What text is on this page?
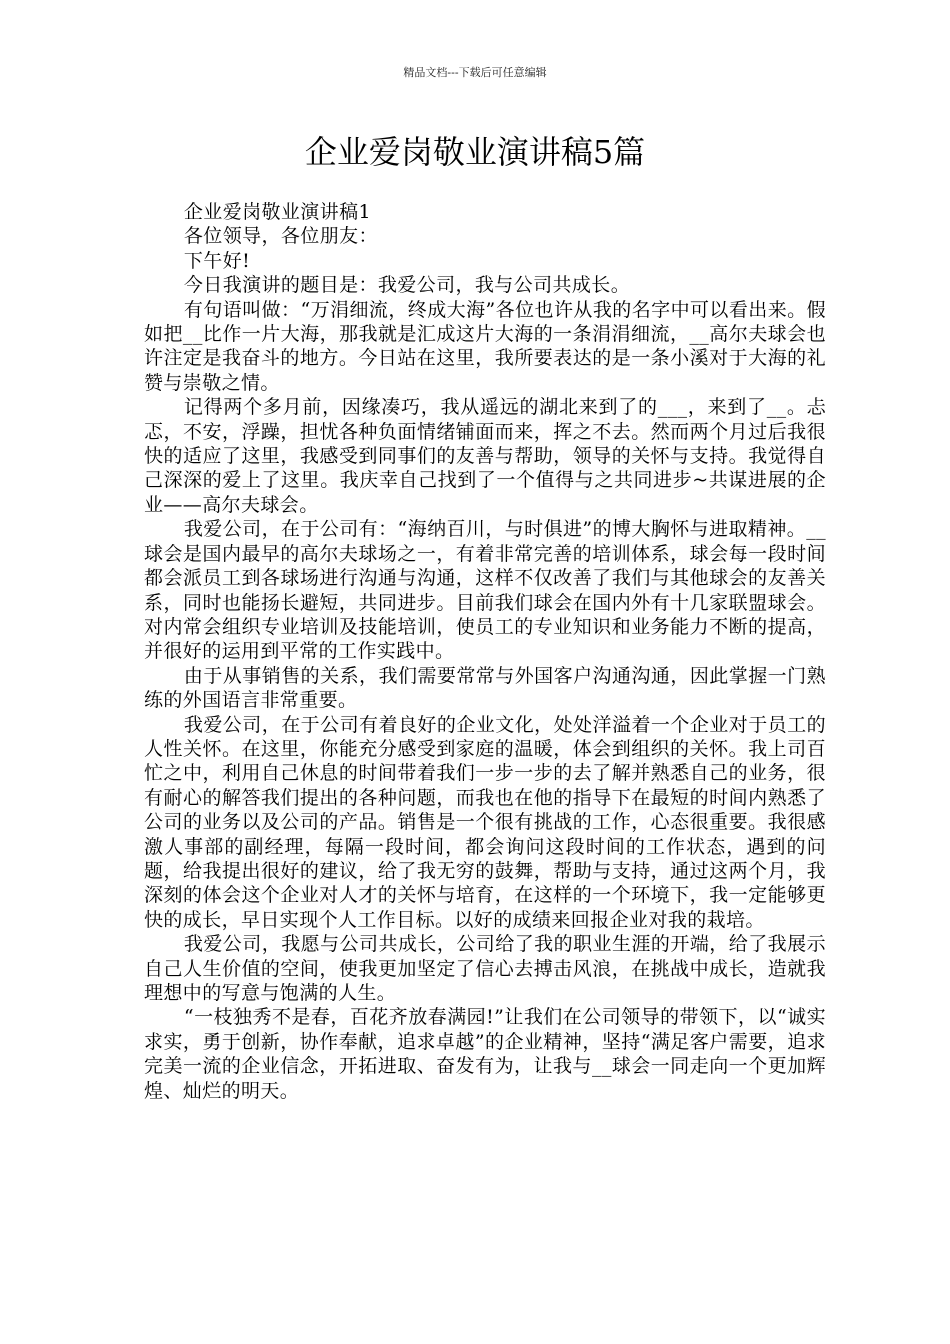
精品文档---下载后可任意编辑
企业爱岗敬业演讲稿5篇

企业爱岗敬业演讲稿1

各位领导，各位朋友：

下午好!

今日我演讲的题目是：我爱公司，我与公司共成长。

有句语叫做：“万涓细流，终成大海”各位也许从我的名字中可以看出来。假如把__比作一片大海，那我就是汇成这片大海的一条涓涓细流，__高尔夫球会也许注定是我奋斗的地方。今日站在这里，我所要表达的是一条小溪对于大海的礼赞与崇敬之情。

记得两个多月前，因缘凑巧，我从遥远的湖北来到了的___，来到了__。忐忑，不安，浮躁，担忧各种负面情绪铺面而来，挥之不去。然而两个月过后我很快的适应了这里，我感受到同事们的友善与帮助，领导的关怀与支持。我觉得自己深深的爱上了这里。我庆幸自己找到了一个值得与之共同进步~共谋进展的企业——高尔夫球会。

我爱公司，在于公司有：“海纳百川，与时俱进”的博大胸怀与进取精神。__球会是国内最早的高尔夫球场之一，有着非常完善的培训体系，球会每一段时间都会派员工到各球场进行沟通与沟通，这样不仅改善了我们与其他球会的友善关系，同时也能扬长避短，共同进步。目前我们球会在国内外有十几家联盟球会。对内常会组织专业培训及技能培训，使员工的专业知识和业务能力不断的提高，并很好的运用到平常的工作实践中。

由于从事销售的关系，我们需要常常与外国客户沟通沟通，因此掌握一门熟练的外国语言非常重要。

我爱公司，在于公司有着良好的企业文化，处处洋溢着一个企业对于员工的人性关怀。在这里，你能充分感受到家庭的温暖，体会到组织的关怀。我上司百忙之中，利用自己休息的时间带着我们一步一步的去了解并熟悉自己的业务，很有耐心的解答我们提出的各种问题，而我也在他的指导下在最短的时间内熟悉了公司的业务以及公司的产品。销售是一个很有挑战的工作，心态很重要。我很感激人事部的副经理，每隔一段时间，都会询问这段时间的工作状态，遇到的问题，给我提出很好的建议，给了我无穷的鼓舞，帮助与支持，通过这两个月，我深刻的体会这个企业对人才的关怀与培育，在这样的一个环境下，我一定能够更快的成长，早日实现个人工作目标。以好的成绩来回报企业对我的栽培。

我爱公司，我愿与公司共成长，公司给了我的职业生涯的开端，给了我展示自己人生价值的空间，使我更加坚定了信心去搏击风浪，在挑战中成长，造就我理想中的写意与饱满的人生。

“一枝独秀不是春，百花齐放春满园!”让我们在公司领导的带领下，以“诚实求实，勇于创新，协作奉献，追求卓越”的企业精神，坚持“满足客户需要，追求完美一流的企业信念，开拓进取、奋发有为，让我与__球会一同走向一个更加辉煌、灿烂的明天。
